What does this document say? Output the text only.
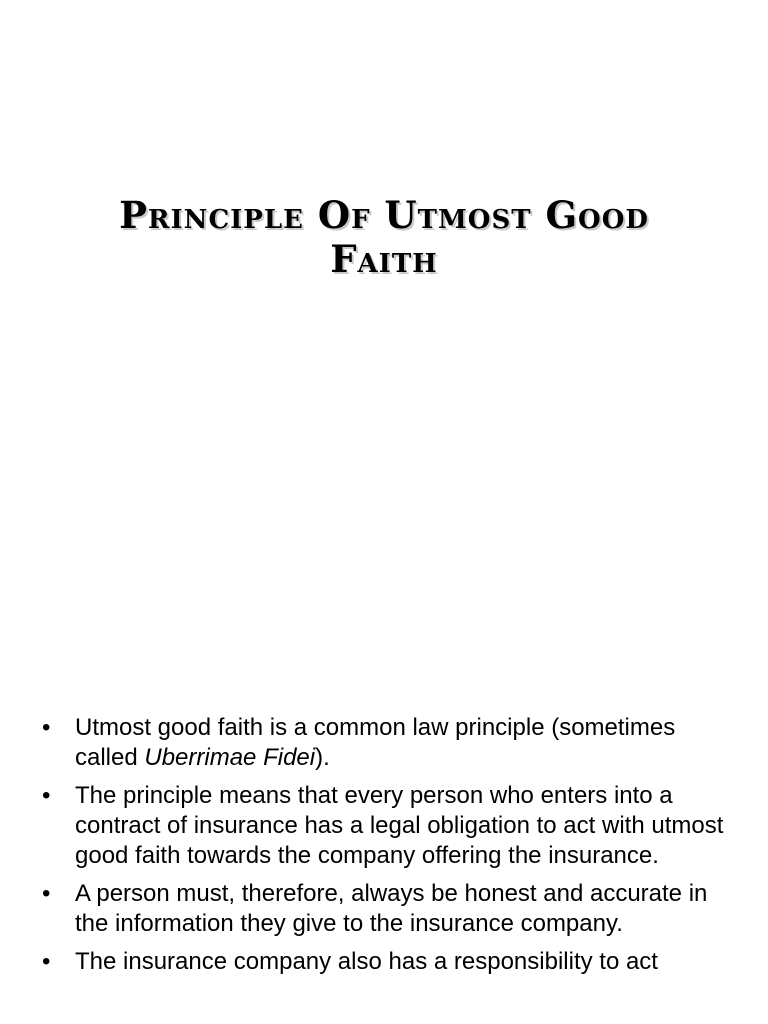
Principle Of Utmost Good
Faith
• Utmost good faith is a common law principle (sometimes called Uberrimae Fidei).
• The principle means that every person who enters into a contract of insurance has a legal obligation to act with utmost good faith towards the company offering the insurance.
• A person must, therefore, always be honest and accurate in the information they give to the insurance company.
• The insurance company also has a responsibility to act
